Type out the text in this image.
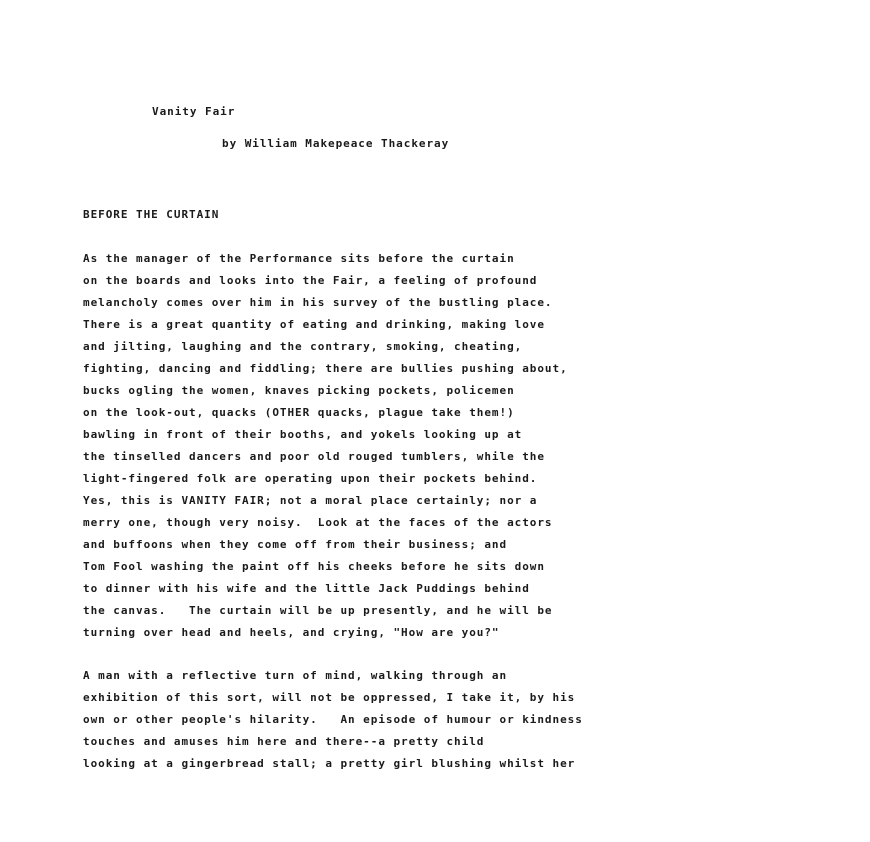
Vanity Fair

by William Makepeace Thackeray

BEFORE THE CURTAIN

As the manager of the Performance sits before the curtain

on the boards and looks into the Fair, a feeling of profound

melancholy comes over him in his survey of the bustling place.

There is a great quantity of eating and drinking, making love

and jilting, laughing and the contrary, smoking, cheating,

fighting, dancing and fiddling; there are bullies pushing about,

bucks ogling the women, knaves picking pockets, policemen

on the look-out, quacks (OTHER quacks, plague take them!)

bawling in front of their booths, and yokels looking up at

the tinselled dancers and poor old rouged tumblers, while the

light-fingered folk are operating upon their pockets behind.

Yes, this is VANITY FAIR; not a moral place certainly; nor a

merry one, though very noisy.  Look at the faces of the actors

and buffoons when they come off from their business; and

Tom Fool washing the paint off his cheeks before he sits down

to dinner with his wife and the little Jack Puddings behind

the canvas.   The curtain will be up presently, and he will be

turning over head and heels, and crying, "How are you?"

A man with a reflective turn of mind, walking through an

exhibition of this sort, will not be oppressed, I take it, by his

own or other people's hilarity.   An episode of humour or kindness

touches and amuses him here and there--a pretty child

looking at a gingerbread stall; a pretty girl blushing whilst her
